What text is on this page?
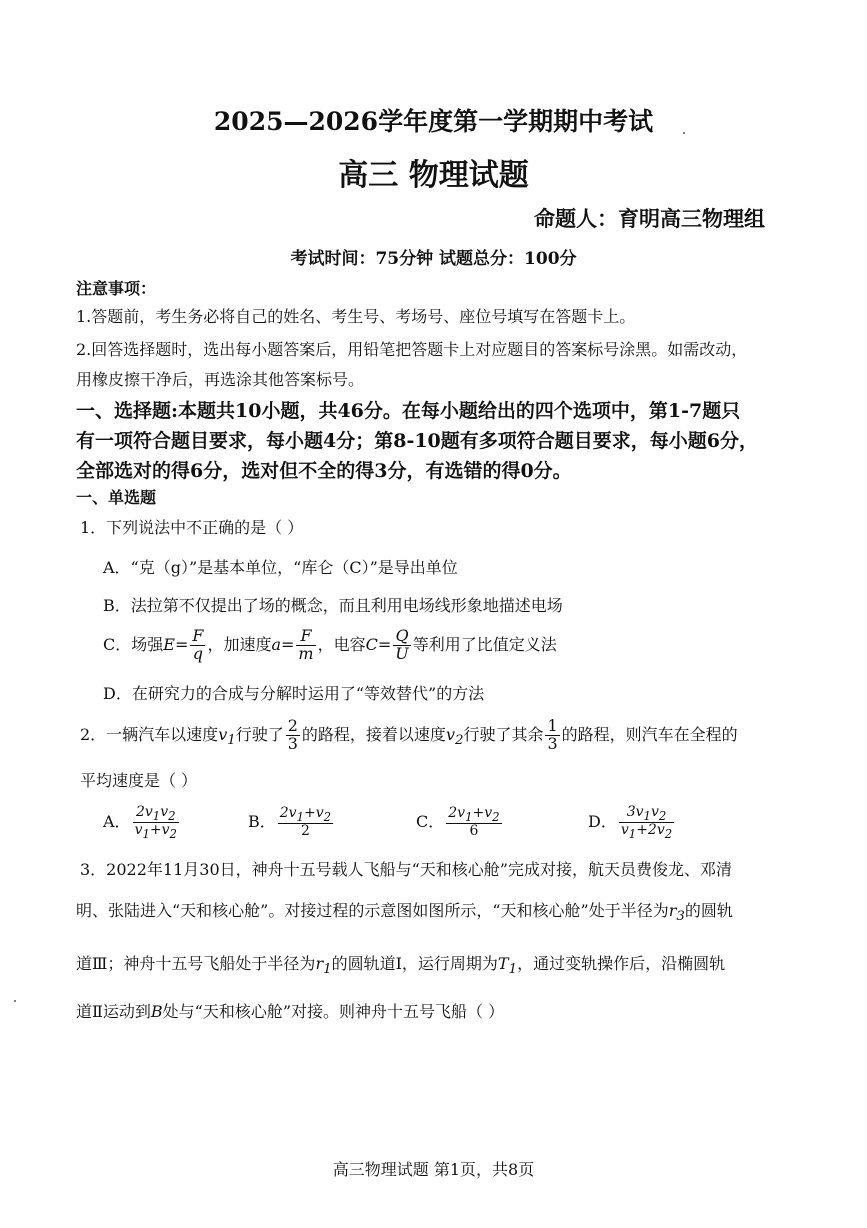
2025—2026学年度第一学期期中考试
高三 物理试题
命题人：育明高三物理组
考试时间：75分钟 试题总分：100分
注意事项：
1.答题前，考生务必将自己的姓名、考生号、考场号、座位号填写在答题卡上。
2.回答选择题时，选出每小题答案后，用铅笔把答题卡上对应题目的答案标号涂黑。如需改动，
用橡皮擦干净后，再选涂其他答案标号。
一、选择题:本题共10小题，共46分。在每小题给出的四个选项中，第1-7题只
有一项符合题目要求，每小题4分；第8-10题有多项符合题目要求，每小题6分，
全部选对的得6分，选对但不全的得3分，有选错的得0分。
一、单选题
1．下列说法中不正确的是（ ）
A．“克（g）”是基本单位，“库仑（C）”是导出单位
B．法拉第不仅提出了场的概念，而且利用电场线形象地描述电场
C．场强$E= \frac{F}{q}$ ，加速度$a= \frac{F}{m}$ ，电容$C= \frac{Q}{U}$ 等利用了比值定义法
D．在研究力的合成与分解时运用了“等效替代”的方法
2．一辆汽车以速度$v_1$行驶了 $\frac{2}{3}$ 的路程，接着以速度$v_2$行驶了其余 $\frac{1}{3}$ 的路程，则汽车在全程的
平均速度是（ ）
A． $\frac{2v_1v_2}{v_1+v_2}$	B． $\frac{2v_1+v_2}{2}$	C． $\frac{2v_1+v_2}{6}$	D． $\frac{3v_1v_2}{v_1+2v_2}$
3．2022年11月30日，神舟十五号载人飞船与“天和核心舱”完成对接，航天员费俊龙、邓清
明、张陆进入“天和核心舱”。对接过程的示意图如图所示，“天和核心舱”处于半径为$r_3$的圆轨
道Ⅲ；神舟十五号飞船处于半径为$r_1$的圆轨道Ⅰ，运行周期为$T_1$，通过变轨操作后，沿椭圆轨
道Ⅱ运动到B处与“天和核心舱”对接。则神舟十五号飞船（ ）
高三物理试题 第1页，共8页
